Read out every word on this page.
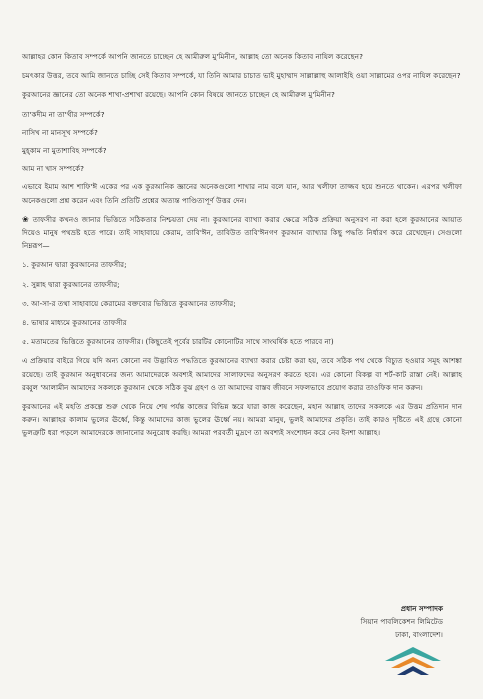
আল্লাহর কোন কিতাব সম্পর্কে আপনি জানতে চাচ্ছেন হে আমীরুল মু'মিনীন, আল্লাহ তো অনেক কিতাব নাযিল করেছেন?

চমৎকার উত্তর, তবে আমি জানতে চাচ্ছি সেই কিতাব সম্পর্কে, যা তিনি আমার চাচাত ভাই মুহাম্মাদ সাল্লাল্লাহু আলাইহি ওয়া সাল্লামের ওপর নাযিল করেছেন?

কুরআনের জ্ঞানের তো অনেক শাখা-প্রশাখা রয়েছে। আপনি কোন বিষয়ে জানতে চাচ্ছেন হে আমীরুল মু'মিনীন?

তা'কদীম না তা'খীর সম্পর্কে?

নাসিখ না মানসূখ সম্পর্কে?

মুহ্‌কাম না মুতাশাবিহ সম্পর্কে?

আম না খাস সম্পর্কে?

এভাবে ইমাম আশ শাফি'ঈ একের পর এক কুরআনিক জ্ঞানের অনেকগুলো শাখার নাম বলে যান, আর খলীফা তাজ্জব হয়ে শুনতে থাকেন। এরপর খলীফা অনেকগুলো প্রশ্ন করেন এবং তিনি প্রতিটি প্রশ্নের অত্যন্ত পাণ্ডিত্যপূর্ণ উত্তর দেন।

❀ তাফসীর কখনও জানার ভিত্তিতে সঠিকতার নিশ্চয়তা দেয় না। কুরআনের ব্যাখ্যা করার ক্ষেত্রে সঠিক প্রক্রিয়া অনুসরণ না করা হলে কুরআনের আয়াত দিয়েও মানুষ পথভ্রষ্ট হতে পারে। তাই সাহাবায়ে কেরাম, তাবি'ঈন, তাবিউত তাবি'ঈনগণ কুরআন ব্যাখ্যার কিছু পদ্ধতি নির্ধারণ করে রেখেছেন। সেগুলো নিম্নরূপ—

১. কুরআন দ্বারা কুরআনের তাফসীর;

২. সুন্নাহ দ্বারা কুরআনের তাফসীর;

৩. আ-সা-র তথা সাহাবায়ে কেরামের বক্তব্যের ভিত্তিতে কুরআনের তাফসীর;

৪. ভাষার মাধ্যমে কুরআনের তাফসীর

৫. মতামতের ভিত্তিতে কুরআনের তাফসীর। (কিছুতেই পূর্বের চারটির কোনোটির সাথে সাংঘর্ষিক হতে পারবে না)

এ প্রক্রিয়ার বাইরে গিয়ে যদি অন্য কোনো নব উদ্ভাবিত পদ্ধতিতে কুরআনের ব্যাখ্যা করার চেষ্টা করা হয়, তবে সঠিক পথ থেকে বিচ্যুত হওয়ার সমূহ আশঙ্কা রয়েছে। তাই কুরআন অনুধাবনের জন্য আমাদেরকে অবশ্যই আমাদের সালাফদের অনুসরণ করতে হবে। এর কোনো বিকল্প বা শর্ট-কাট রাস্তা নেই। আল্লাহ রব্বুল 'আলামীন আমাদের সকলকে কুরআন থেকে সঠিক বুঝ গ্রহণ ও তা আমাদের বাস্তব জীবনে সফলভাবে প্রয়োগ করার তাওফিক দান করুন।

কুরআনের এই মহতি প্রকল্পে শুরু থেকে নিয়ে শেষ পর্যন্ত কাজের বিভিন্ন স্তরে যারা কাজ করেছেন, মহান আল্লাহ তাদের সকলকে এর উত্তম প্রতিদান দান করুন। আল্লাহর কালাম ভুলের ঊর্ধ্বে, কিন্তু আমাদের কাজ ভুলের ঊর্ধ্বে নয়। আমরা মানুষ, ভুলই আমাদের প্রকৃতি। তাই কারও দৃষ্টিতে এই গ্রন্থে কোনো ভুলত্রুটি ধরা পড়লে আমাদেরকে জানানোর অনুরোধ করছি। আমরা পরবর্তী মুদ্রণে তা অবশ্যই সংশোধন করে নেব ইনশা আল্লাহ।

প্রধান সম্পাদক
সিয়ান পাবলিকেশন লিমিটেড
ঢাকা, বাংলাদেশ।
